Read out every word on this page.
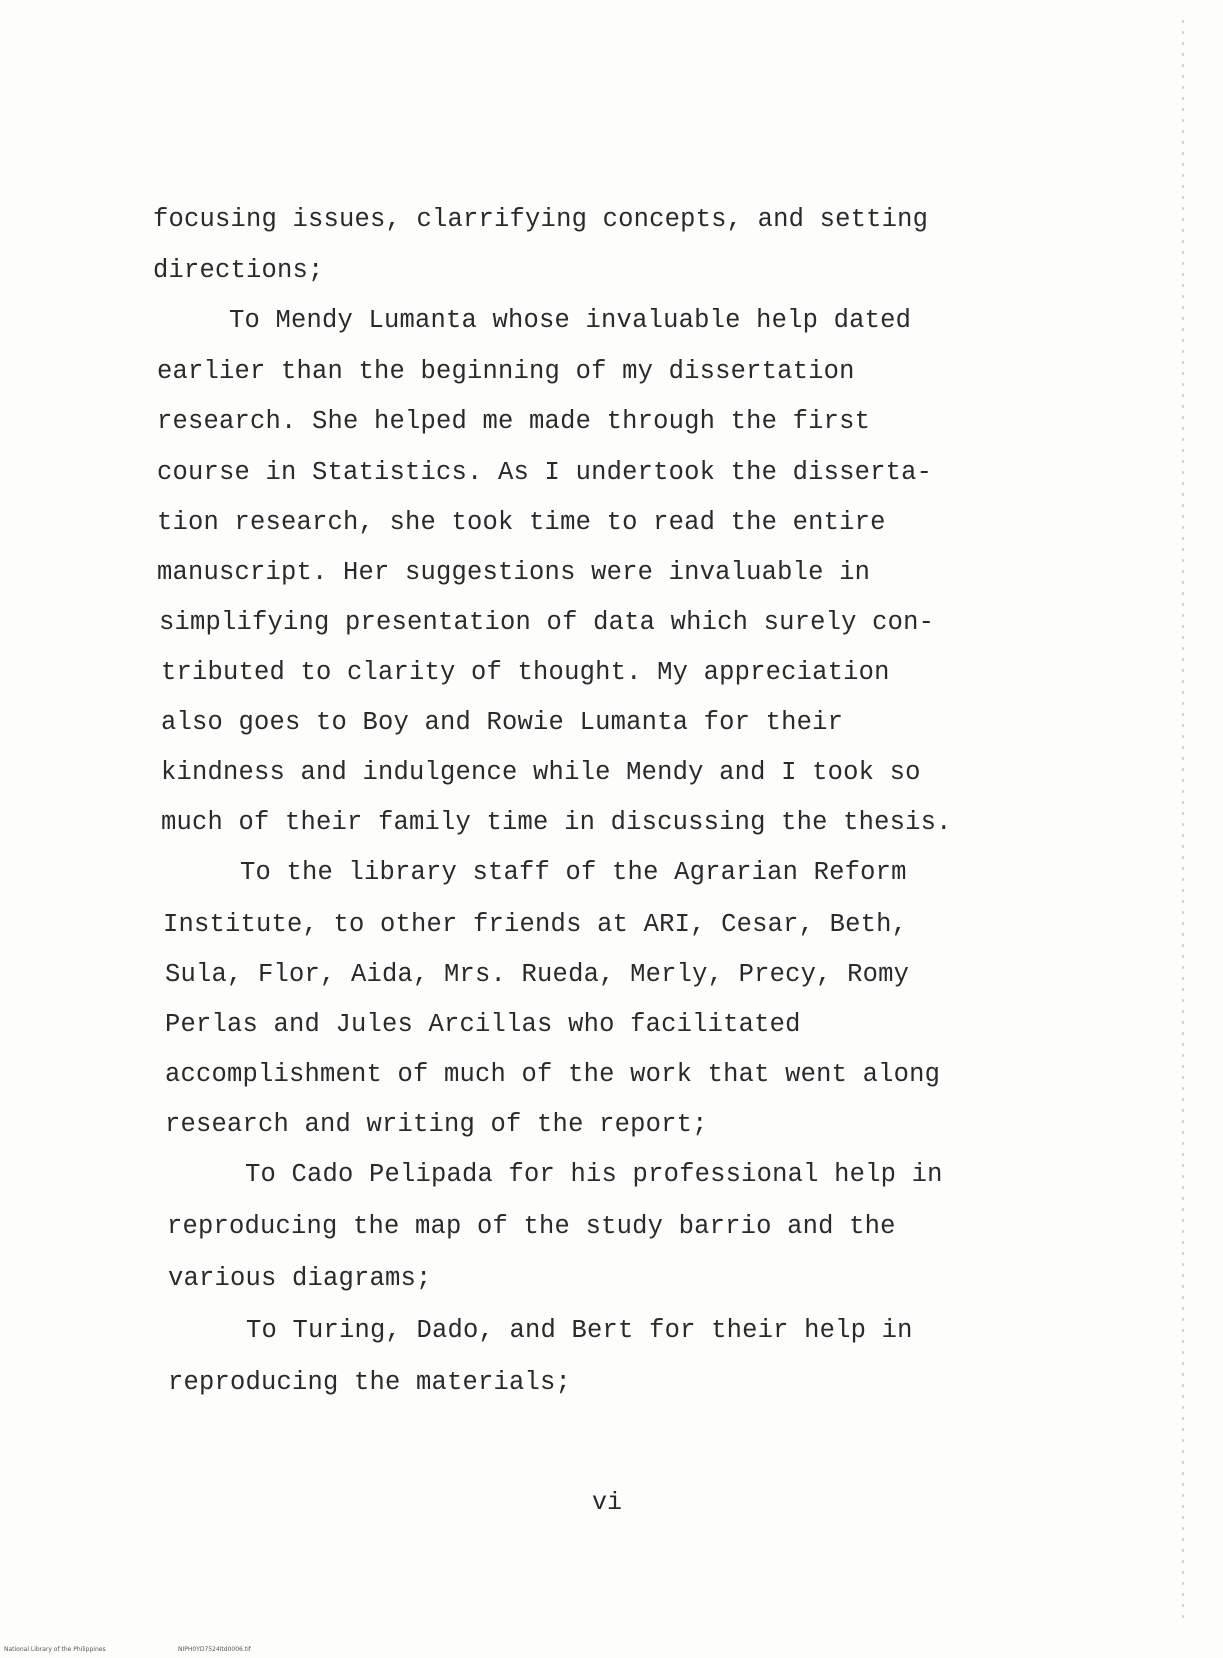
focusing issues, clarrifying concepts, and setting
directions;
To Mendy Lumanta whose invaluable help dated
earlier than the beginning of my dissertation
research. She helped me made through the first
course in Statistics. As I undertook the disserta-
tion research, she took time to read the entire
manuscript. Her suggestions were invaluable in
simplifying presentation of data which surely con-
tributed to clarity of thought. My appreciation
also goes to Boy and Rowie Lumanta for their
kindness and indulgence while Mendy and I took so
much of their family time in discussing the thesis.
To the library staff of the Agrarian Reform
Institute, to other friends at ARI, Cesar, Beth,
Sula, Flor, Aida, Mrs. Rueda, Merly, Precy, Romy
Perlas and Jules Arcillas who facilitated
accomplishment of much of the work that went along
research and writing of the report;
To Cado Pelipada for his professional help in
reproducing the map of the study barrio and the
various diagrams;
To Turing, Dado, and Bert for their help in
reproducing the materials;
vi
National Library of the Philippines	NIPH0YD7524ltd0006.tif
